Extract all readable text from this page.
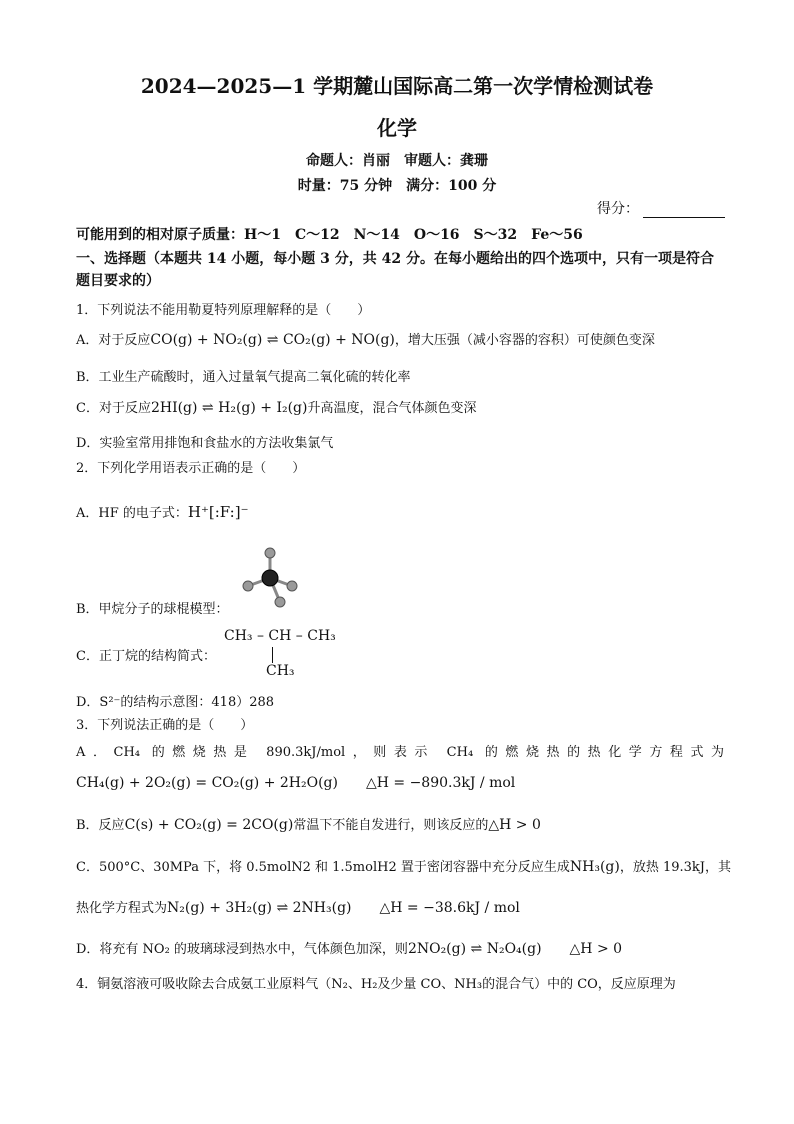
2024—2025—1 学期麓山国际高二第一次学情检测试卷
化学
命题人：肖丽　审题人：龚珊
时量：75 分钟　满分：100 分
得分：
可能用到的相对原子质量：H～1　C～12　N～14　O～16　S～32　Fe～56
一、选择题（本题共 14 小题，每小题 3 分，共 42 分。在每小题给出的四个选项中，只有一项是符合题目要求的）
1．下列说法不能用勒夏特列原理解释的是（　　）
A．对于反应CO(g) + NO₂(g) ⇌ CO₂(g) + NO(g)，增大压强（减小容器的容积）可使颜色变深
B．工业生产硫酸时，通入过量氧气提高二氧化硫的转化率
C．对于反应2HI(g) ⇌ H₂(g) + I₂(g)升高温度，混合气体颜色变深
D．实验室常用排饱和食盐水的方法收集氯气
2．下列化学用语表示正确的是（　　）
A．HF 的电子式：H⁺[:F:]⁻
B．甲烷分子的球棍模型：
C．正丁烷的结构简式：
CH₃ – CH – CH₃
CH₃
D．S²⁻的结构示意图：418）288
3．下列说法正确的是（　　）
A．CH₄ 的燃烧热是 890.3kJ/mol，则表示 CH₄ 的燃烧热的热化学方程式为
CH₄(g) + 2O₂(g) = CO₂(g) + 2H₂O(g)　　△H = −890.3kJ / mol
B．反应C(s) + CO₂(g) = 2CO(g)常温下不能自发进行，则该反应的△H > 0
C．500°C、30MPa 下，将 0.5molN2 和 1.5molH2 置于密闭容器中充分反应生成NH₃(g)，放热 19.3kJ，其
热化学方程式为N₂(g) + 3H₂(g) ⇌ 2NH₃(g)　　△H = −38.6kJ / mol
D．将充有 NO₂ 的玻璃球浸到热水中，气体颜色加深，则2NO₂(g) ⇌ N₂O₄(g)　　△H > 0
4．铜氨溶液可吸收除去合成氨工业原料气（N₂、H₂及少量 CO、NH₃的混合气）中的 CO，反应原理为
